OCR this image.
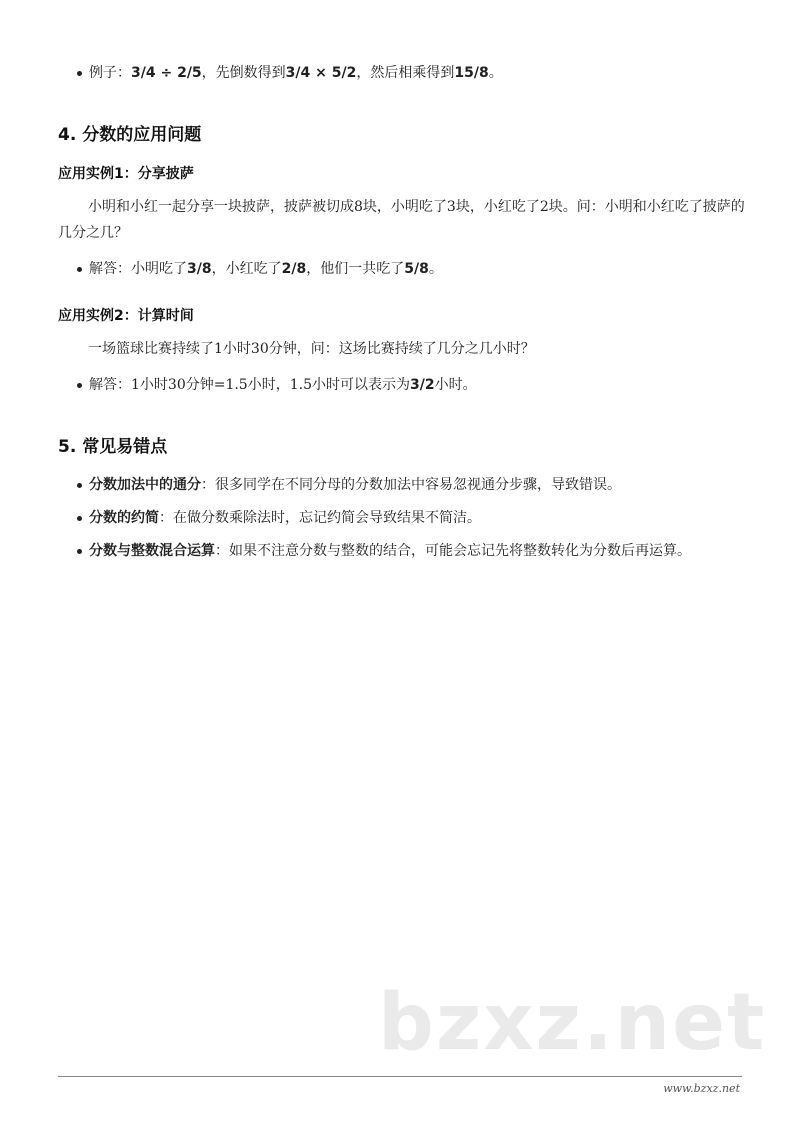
例子：3/4 ÷ 2/5，先倒数得到3/4 × 5/2，然后相乘得到15/8。
4. 分数的应用问题
应用实例1：分享披萨
小明和小红一起分享一块披萨，披萨被切成8块，小明吃了3块，小红吃了2块。问：小明和小红吃了披萨的几分之几？
解答：小明吃了3/8，小红吃了2/8，他们一共吃了5/8。
应用实例2：计算时间
一场篮球比赛持续了1小时30分钟，问：这场比赛持续了几分之几小时？
解答：1小时30分钟=1.5小时，1.5小时可以表示为3/2小时。
5. 常见易错点
分数加法中的通分：很多同学在不同分母的分数加法中容易忽视通分步骤，导致错误。
分数的约简：在做分数乘除法时，忘记约简会导致结果不简洁。
分数与整数混合运算：如果不注意分数与整数的结合，可能会忘记先将整数转化为分数后再运算。
bzxz.net
www.bzxz.net
